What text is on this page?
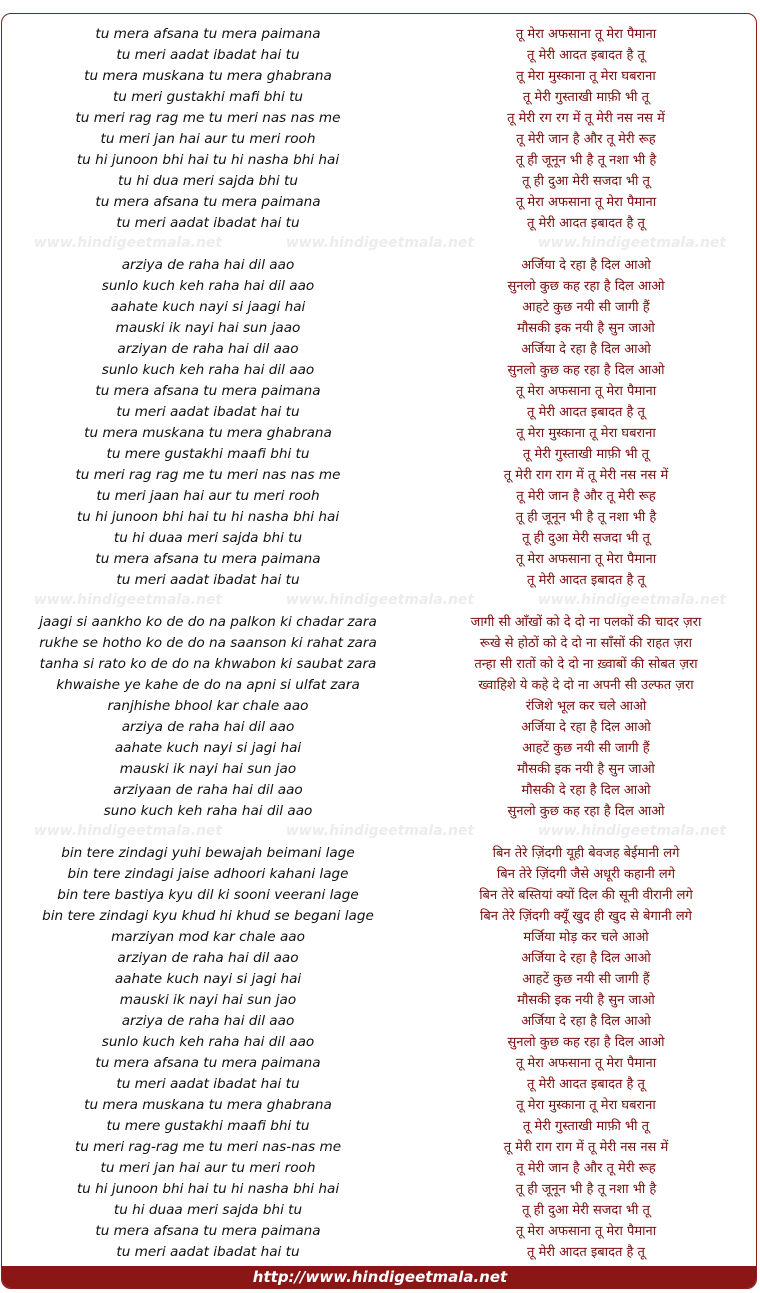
tu mera afsana tu mera paimana	तू मेरा अफसाना तू मेरा पैमाना
tu meri aadat ibadat hai tu	तू मेरी आदत इबादत है तू
tu mera muskana tu mera ghabrana	तू मेरा मुस्काना तू मेरा घबराना
tu meri gustakhi mafi bhi tu	तू मेरी गुस्ताखी माफ़ी भी तू
tu meri rag rag me tu meri nas nas me	तू मेरी रग रग में तू मेरी नस नस में
tu meri jan hai aur tu meri rooh	तू मेरी जान है और तू मेरी रूह
tu hi junoon bhi hai tu hi nasha bhi hai	तू ही जूनून भी है तू नशा भी है
tu hi dua meri sajda bhi tu	तू ही दुआ मेरी सजदा भी तू
tu mera afsana tu mera paimana	तू मेरा अफसाना तू मेरा पैमाना
tu meri aadat ibadat hai tu	तू मेरी आदत इबादत है तू
www.hindigeetmala.net	www.hindigeetmala.net	www.hindigeetmala.net
arziya de raha hai dil aao	अर्जिया दे रहा है दिल आओ
sunlo kuch keh raha hai dil aao	सुनलो कुछ कह रहा है दिल आओ
aahate kuch nayi si jaagi hai	आहटे कुछ नयी सी जागी हैं
mauski ik nayi hai sun jaao	मौसकी इक नयी है सुन जाओ
arziyan de raha hai dil aao	अर्जिया दे रहा है दिल आओ
sunlo kuch keh raha hai dil aao	सुनलो कुछ कह रहा है दिल आओ
tu mera afsana tu mera paimana	तू मेरा अफसाना तू मेरा पैमाना
tu meri aadat ibadat hai tu	तू मेरी आदत इबादत है तू
tu mera muskana tu mera ghabrana	तू मेरा मुस्काना तू मेरा घबराना
tu mere gustakhi maafi bhi tu	तू मेरी गुस्ताखी माफ़ी भी तू
tu meri rag rag me tu meri nas nas me	तू मेरी राग राग में तू मेरी नस नस में
tu meri jaan hai aur tu meri rooh	तू मेरी जान है और तू मेरी रूह
tu hi junoon bhi hai tu hi nasha bhi hai	तू ही जूनून भी है तू नशा भी है
tu hi duaa meri sajda bhi tu	तू ही दुआ मेरी सजदा भी तू
tu mera afsana tu mera paimana	तू मेरा अफसाना तू मेरा पैमाना
tu meri aadat ibadat hai tu	तू मेरी आदत इबादत है तू
www.hindigeetmala.net	www.hindigeetmala.net	www.hindigeetmala.net
jaagi si aankho ko de do na palkon ki chadar zara	जागी सी आँखों को दे दो ना पलकों की चादर ज़रा
rukhe se hotho ko de do na saanson ki rahat zara	रूखे से होठों को दे दो ना साँसों की राहत ज़रा
tanha si rato ko de do na khwabon ki saubat zara	तन्हा सी रातों को दे दो ना ख़्वाबों की सोबत ज़रा
khwaishe ye kahe de do na apni si ulfat zara	ख्वाहिशे ये कहे दे दो ना अपनी सी उल्फत ज़रा
ranjhishe bhool kar chale aao	रंजिशे भूल कर चले आओ
arziya de raha hai dil aao	अर्जिया दे रहा है दिल आओ
aahate kuch nayi si jagi hai	आहटें कुछ नयी सी जागी हैं
mauski ik nayi hai sun jao	मौसकी इक नयी है सुन जाओ
arziyaan de raha hai dil aao	मौसकी दे रहा है दिल आओ
suno kuch keh raha hai dil aao	सुनलो कुछ कह रहा है दिल आओ
www.hindigeetmala.net	www.hindigeetmala.net	www.hindigeetmala.net
bin tere zindagi yuhi bewajah beimani lage	बिन तेरे ज़िंदगी यूही बेवजह बेईमानी लगे
bin tere zindagi jaise adhoori kahani lage	बिन तेरे ज़िंदगी जैसे अधूरी कहानी लगे
bin tere bastiya kyu dil ki sooni veerani lage	बिन तेरे बस्तियां क्यों दिल की सूनी वीरानी लगे
bin tere zindagi kyu khud hi khud se begani lage	बिन तेरे ज़िंदगी क्यूँ खुद ही खुद से बेगानी लगे
marziyan mod kar chale aao	मर्जिया मोड़ कर चले आओ
arziyan de raha hai dil aao	अर्जिया दे रहा है दिल आओ
aahate kuch nayi si jagi hai	आहटें कुछ नयी सी जागी हैं
mauski ik nayi hai sun jao	मौसकी इक नयी है सुन जाओ
arziya de raha hai dil aao	अर्जिया दे रहा है दिल आओ
sunlo kuch keh raha hai dil aao	सुनलो कुछ कह रहा है दिल आओ
tu mera afsana tu mera paimana	तू मेरा अफसाना तू मेरा पैमाना
tu meri aadat ibadat hai tu	तू मेरी आदत इबादत है तू
tu mera muskana tu mera ghabrana	तू मेरा मुस्काना तू मेरा घबराना
tu mere gustakhi maafi bhi tu	तू मेरी गुस्ताखी माफ़ी भी तू
tu meri rag-rag me tu meri nas-nas me	तू मेरी राग राग में तू मेरी नस नस में
tu meri jan hai aur tu meri rooh	तू मेरी जान है और तू मेरी रूह
tu hi junoon bhi hai tu hi nasha bhi hai	तू ही जूनून भी है तू नशा भी है
tu hi duaa meri sajda bhi tu	तू ही दुआ मेरी सजदा भी तू
tu mera afsana tu mera paimana	तू मेरा अफसाना तू मेरा पैमाना
tu meri aadat ibadat hai tu	तू मेरी आदत इबादत है तू
http://www.hindigeetmala.net
